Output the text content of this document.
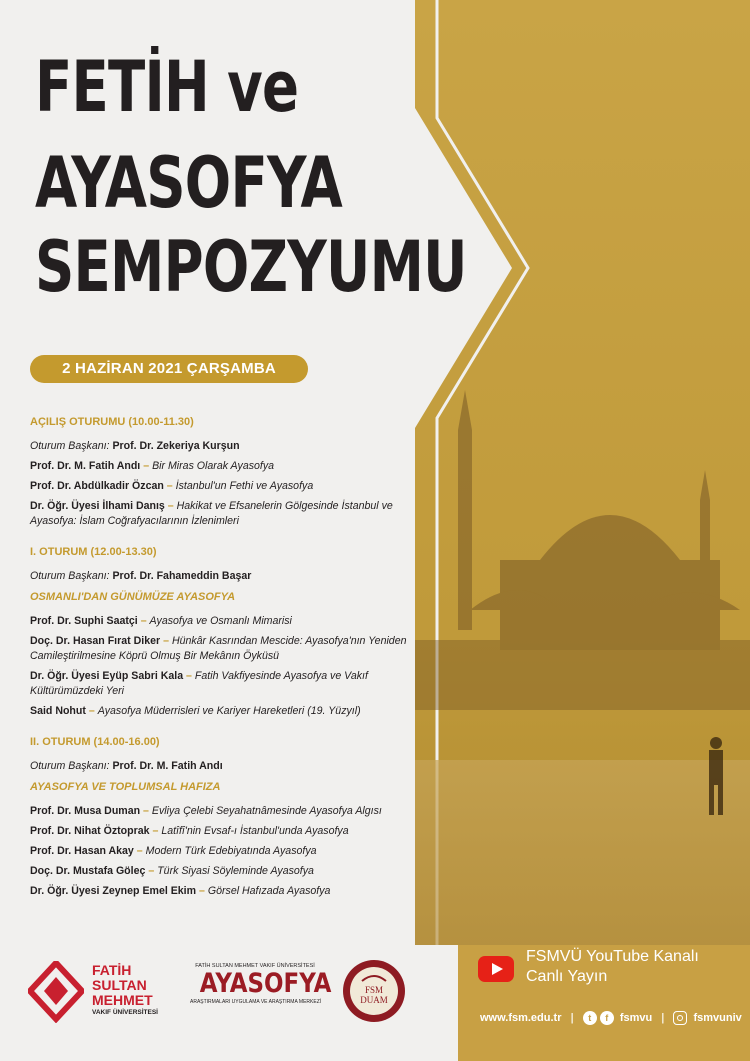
FETİH ve
AYASOFYA
SEMPOZYUMU
2 HAZİRAN 2021 ÇARŞAMBA
AÇILIŞ OTURUMU (10.00-11.30)
Oturum Başkanı: Prof. Dr. Zekeriya Kurşun
Prof. Dr. M. Fatih Andı – Bir Miras Olarak Ayasofya
Prof. Dr. Abdülkadir Özcan – İstanbul'un Fethi ve Ayasofya
Dr. Öğr. Üyesi İlhami Danış – Hakikat ve Efsanelerin Gölgesinde İstanbul ve Ayasofya: İslam Coğrafyacılarının İzlenimleri
I. OTURUM (12.00-13.30)
Oturum Başkanı: Prof. Dr. Fahameddin Başar
OSMANLI'DAN GÜNÜMÜZE AYASOFYA
Prof. Dr. Suphi Saatçi – Ayasofya ve Osmanlı Mimarisi
Doç. Dr. Hasan Fırat Diker – Hünkâr Kasrından Mescide: Ayasofya'nın Yeniden Camileştirilmesine Köprü Olmuş Bir Mekânın Öyküsü
Dr. Öğr. Üyesi Eyüp Sabri Kala – Fatih Vakfiyesinde Ayasofya ve Vakıf Kültürümüzdeki Yeri
Said Nohut – Ayasofya Müderrisleri ve Kariyer Hareketleri (19. Yüzyıl)
II. OTURUM (14.00-16.00)
Oturum Başkanı: Prof. Dr. M. Fatih Andı
AYASOFYA VE TOPLUMSAL HAFIZA
Prof. Dr. Musa Duman – Evliya Çelebi Seyahatnâmesinde Ayasofya Algısı
Prof. Dr. Nihat Öztoprak – Latîfî'nin Evsaf-ı İstanbul'unda Ayasofya
Prof. Dr. Hasan Akay – Modern Türk Edebiyatında Ayasofya
Doç. Dr. Mustafa Göleç – Türk Siyasi Söyleminde Ayasofya
Dr. Öğr. Üyesi Zeynep Emel Ekim – Görsel Hafızada Ayasofya
FATİH
SULTAN
MEHMET
VAKIF ÜNİVERSİTESİ
FATİH SULTAN MEHMET VAKIF ÜNİVERSİTESİ
AYASOFYA
ARAŞTIRMALARI UYGULAMA VE ARAŞTIRMA MERKEZİ
FSM
DUAM
FSMVÜ YouTube Kanalı
Canlı Yayın
www.fsm.edu.tr | t f fsmvu |	fsmvuniv
